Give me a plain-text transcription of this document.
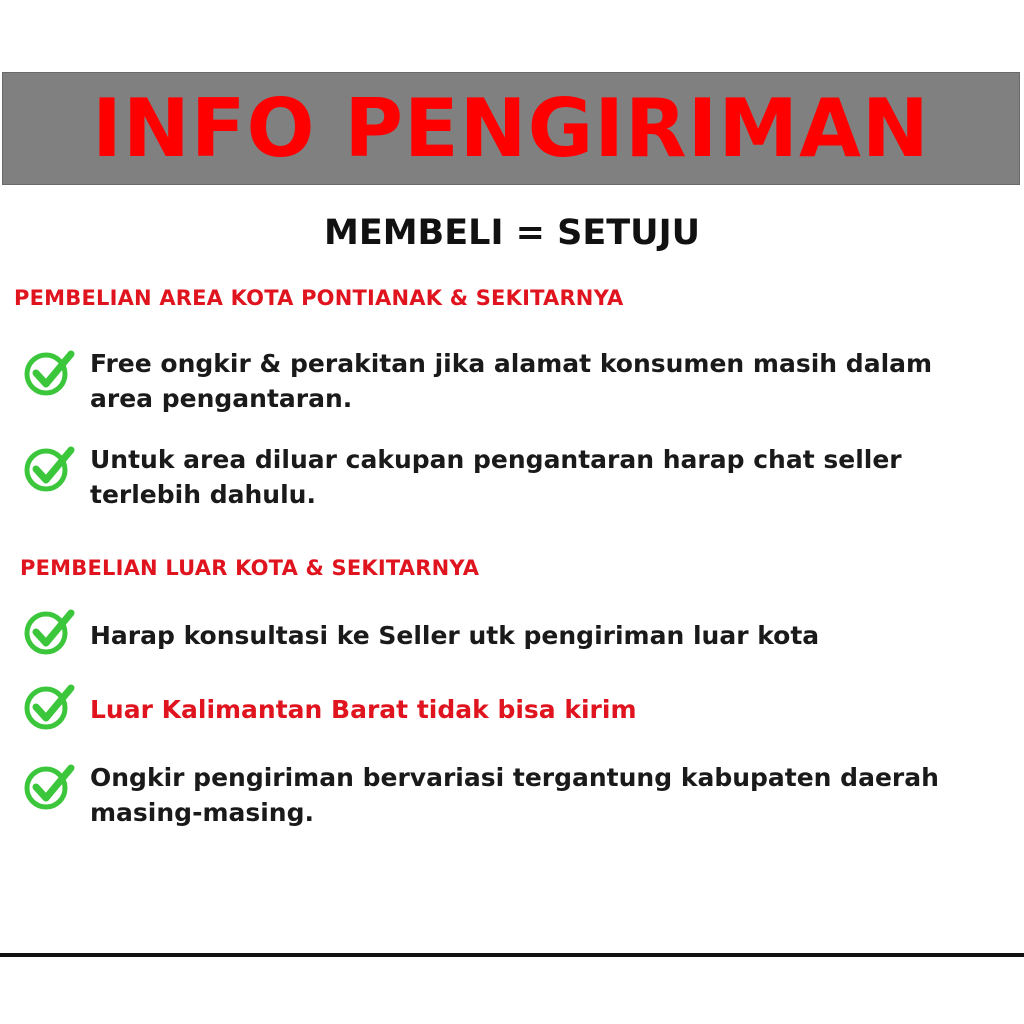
INFO PENGIRIMAN
MEMBELI = SETUJU
PEMBELIAN AREA KOTA PONTIANAK & SEKITARNYA
Free ongkir & perakitan jika alamat konsumen masih dalam area pengantaran.
Untuk area diluar cakupan pengantaran harap chat seller terlebih dahulu.
PEMBELIAN LUAR KOTA & SEKITARNYA
Harap konsultasi ke Seller utk pengiriman luar kota
Luar Kalimantan Barat tidak bisa kirim
Ongkir pengiriman bervariasi tergantung kabupaten daerah masing-masing.
